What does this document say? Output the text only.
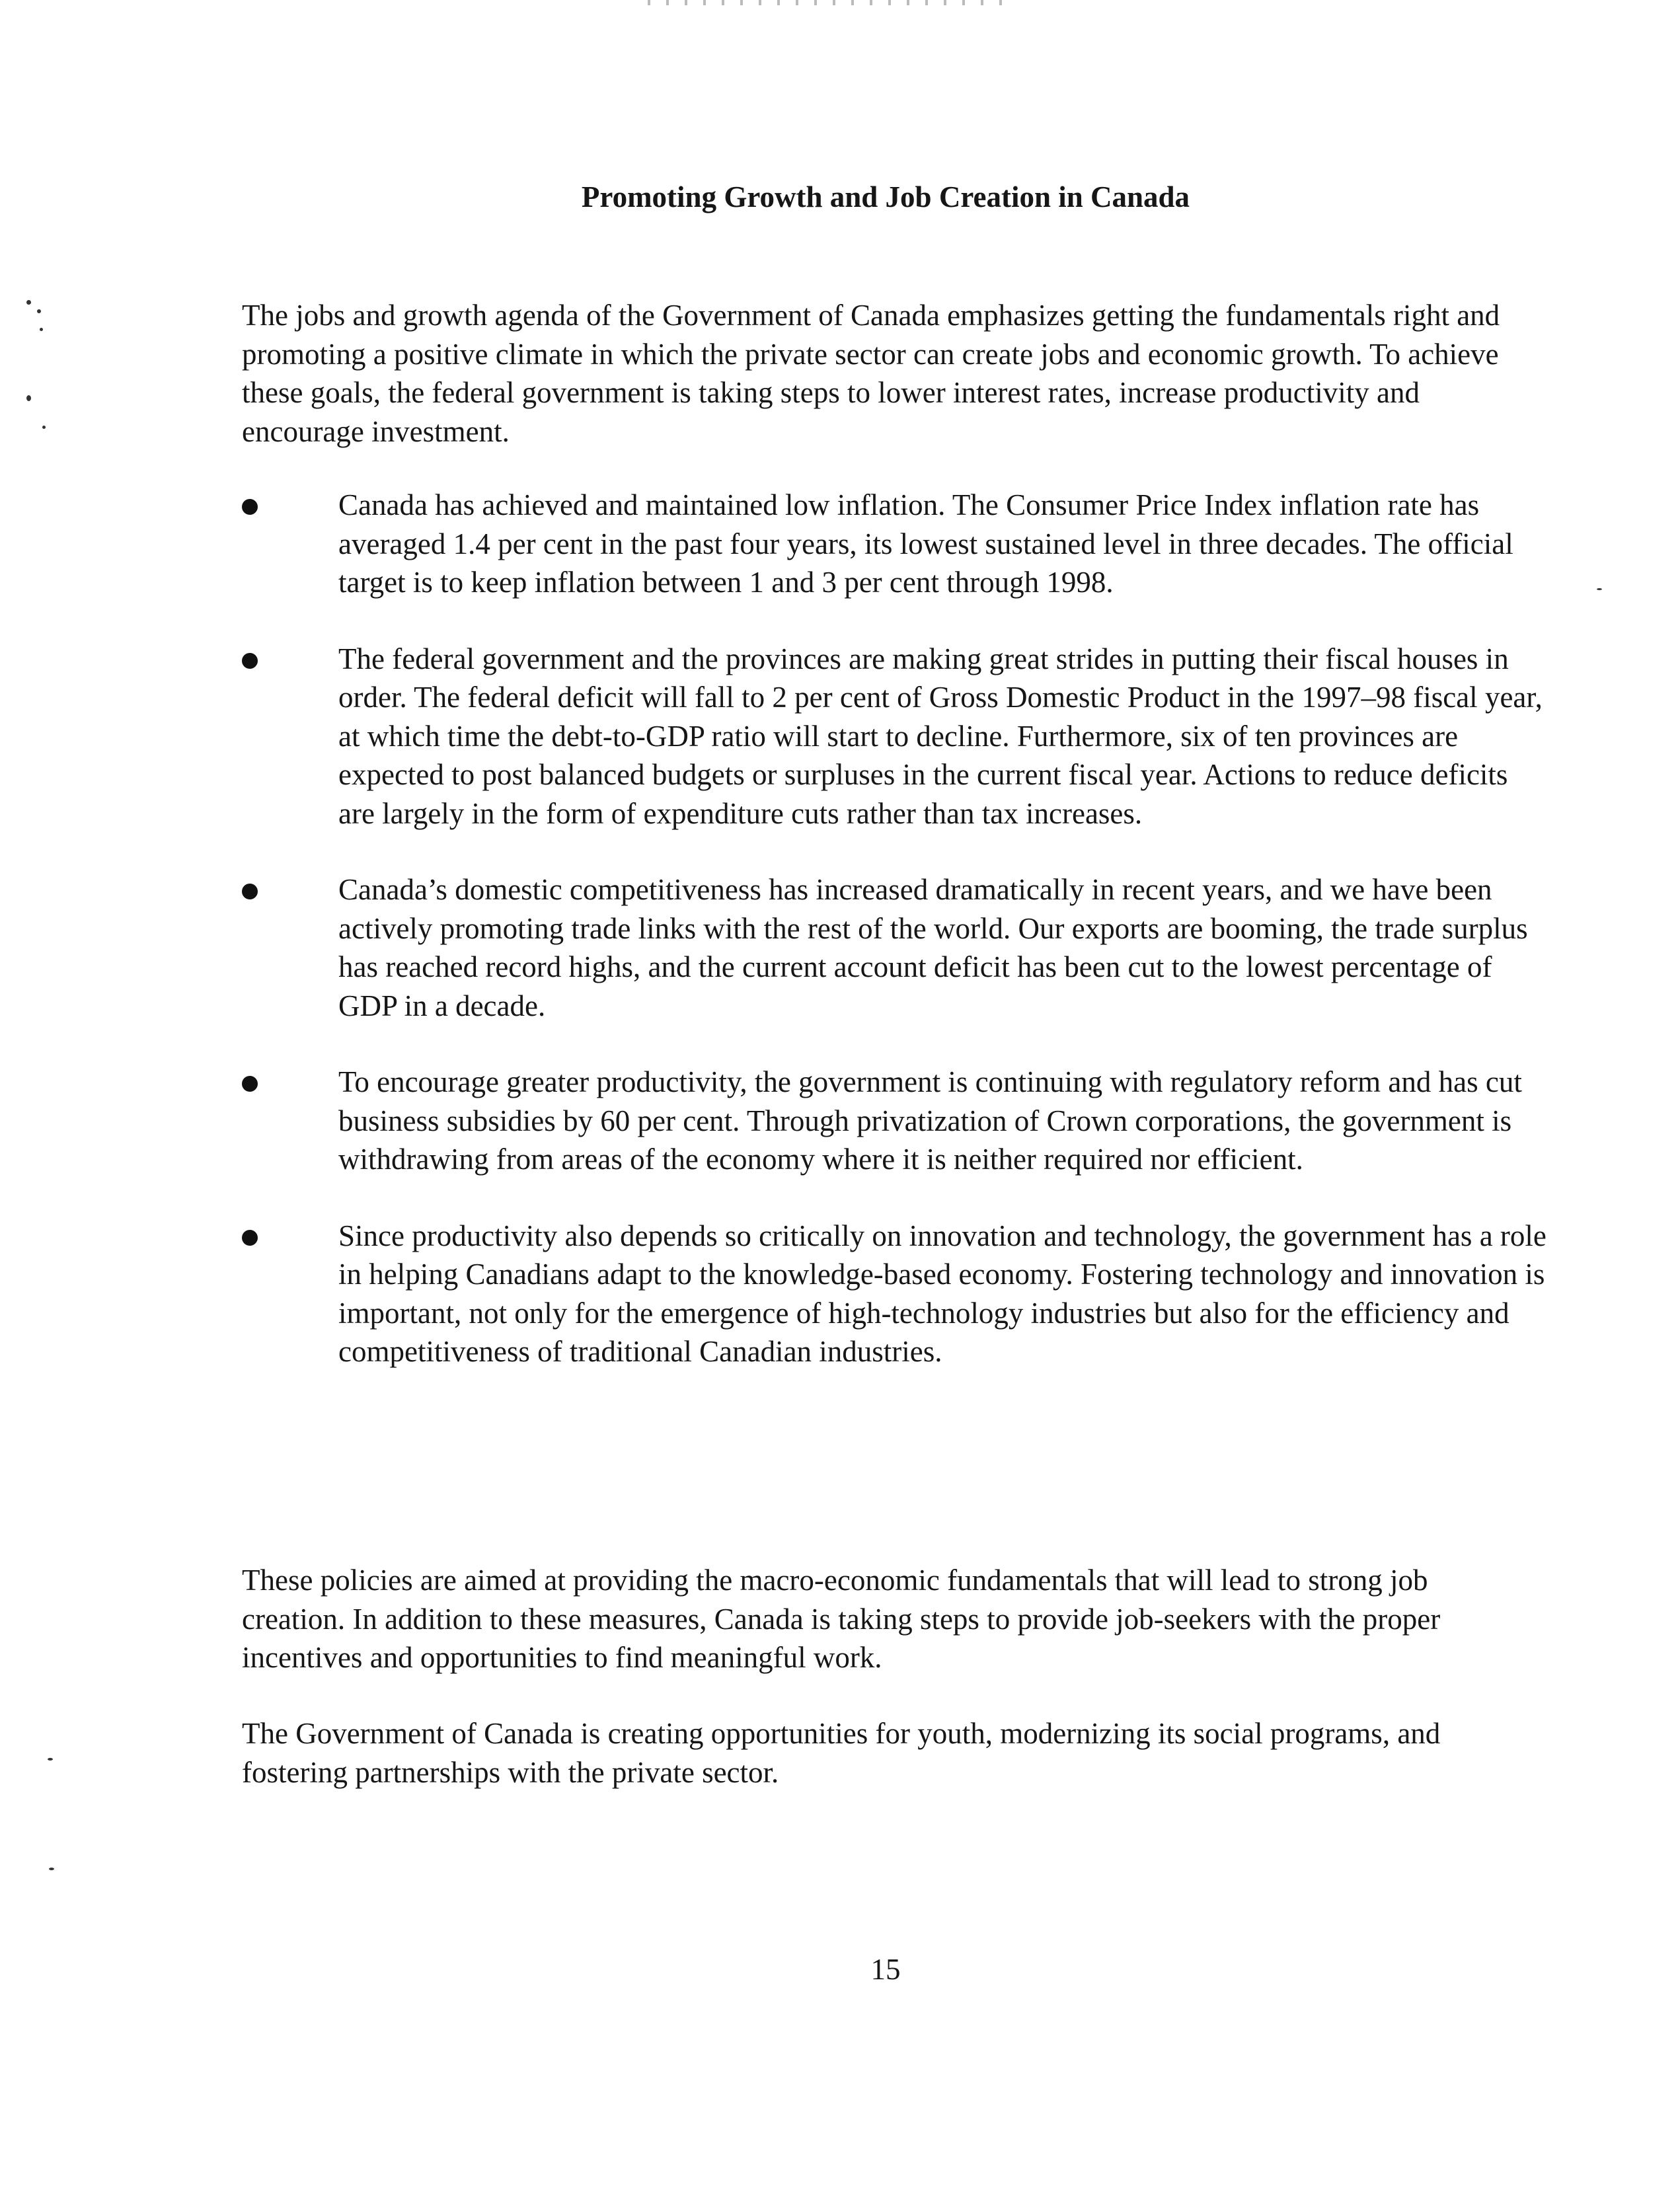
Promoting Growth and Job Creation in Canada

The jobs and growth agenda of the Government of Canada emphasizes getting the fundamentals right and promoting a positive climate in which the private sector can create jobs and economic growth. To achieve these goals, the federal government is taking steps to lower interest rates, increase productivity and encourage investment.

Canada has achieved and maintained low inflation. The Consumer Price Index inflation rate has averaged 1.4 per cent in the past four years, its lowest sustained level in three decades. The official target is to keep inflation between 1 and 3 per cent through 1998.
The federal government and the provinces are making great strides in putting their fiscal houses in order. The federal deficit will fall to 2 per cent of Gross Domestic Product in the 1997–98 fiscal year, at which time the debt-to-GDP ratio will start to decline. Furthermore, six of ten provinces are expected to post balanced budgets or surpluses in the current fiscal year. Actions to reduce deficits are largely in the form of expenditure cuts rather than tax increases.
Canada’s domestic competitiveness has increased dramatically in recent years, and we have been actively promoting trade links with the rest of the world. Our exports are booming, the trade surplus has reached record highs, and the current account deficit has been cut to the lowest percentage of GDP in a decade.
To encourage greater productivity, the government is continuing with regulatory reform and has cut business subsidies by 60 per cent. Through privatization of Crown corporations, the government is withdrawing from areas of the economy where it is neither required nor efficient.
Since productivity also depends so critically on innovation and technology, the government has a role in helping Canadians adapt to the knowledge-based economy. Fostering technology and innovation is important, not only for the emergence of high-technology industries but also for the efficiency and competitiveness of traditional Canadian industries.

These policies are aimed at providing the macro-economic fundamentals that will lead to strong job creation. In addition to these measures, Canada is taking steps to provide job-seekers with the proper incentives and opportunities to find meaningful work.

The Government of Canada is creating opportunities for youth, modernizing its social programs, and fostering partnerships with the private sector.

15
